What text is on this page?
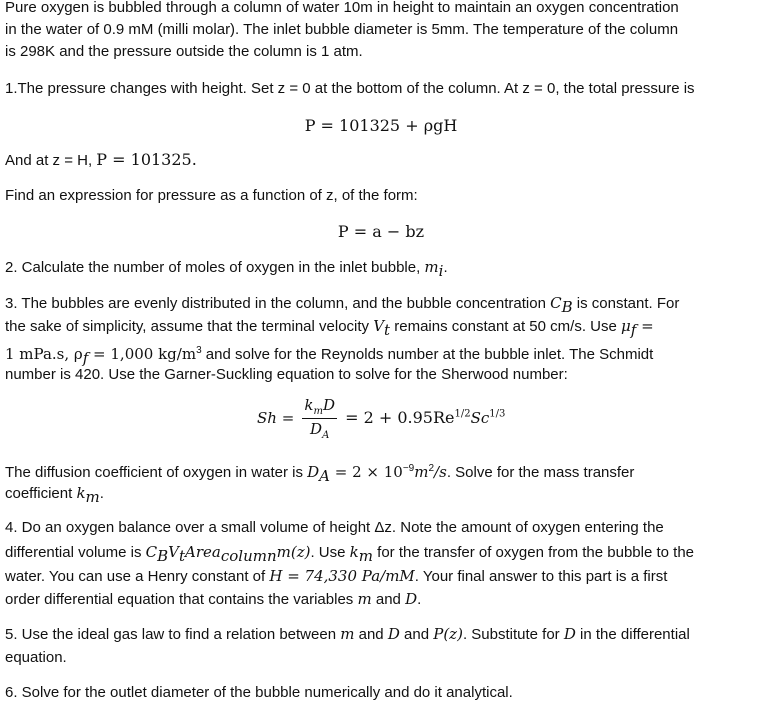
Pure oxygen is bubbled through a column of water 10m in height to maintain an oxygen concentration
in the water of 0.9 mM (milli molar). The inlet bubble diameter is 5mm. The temperature of the column
is 298K and the pressure outside the column is 1 atm.
1.The pressure changes with height. Set z = 0 at the bottom of the column. At z = 0, the total pressure is
P = 101325 + ρgH
And at z = H, P = 101325.
Find an expression for pressure as a function of z, of the form:
P = a − bz
2. Calculate the number of moles of oxygen in the inlet bubble, $m_i$.
3. The bubbles are evenly distributed in the column, and the bubble concentration $C_B$ is constant. For
the sake of simplicity, assume that the terminal velocity $V_t$ remains constant at 50 cm/s. Use $\mu_f$ =
1 mPa.s, $\rho_f = 1,000$ $kg/m^3$ and solve for the Reynolds number at the bubble inlet. The Schmidt
number is 420. Use the Garner-Suckling equation to solve for the Sherwood number:
$Sh = \frac{k_mD}{D_A} = 2 + 0.95Re^{1/2}Sc^{1/3}$
The diffusion coefficient of oxygen in water is $D_A = 2 \times 10^{-9}m^2/s$. Solve for the mass transfer
coefficient $k_m$.
4. Do an oxygen balance over a small volume of height Δz. Note the amount of oxygen entering the
differential volume is $C_BV_tArea_{column}m(z)$. Use $k_m$ for the transfer of oxygen from the bubble to the
water. You can use a Henry constant of H = 74,330 Pa/mM. Your final answer to this part is a first
order differential equation that contains the variables m and D.
5. Use the ideal gas law to find a relation between m and D and P(z). Substitute for D in the differential
equation.
6. Solve for the outlet diameter of the bubble numerically and do it analytical.
